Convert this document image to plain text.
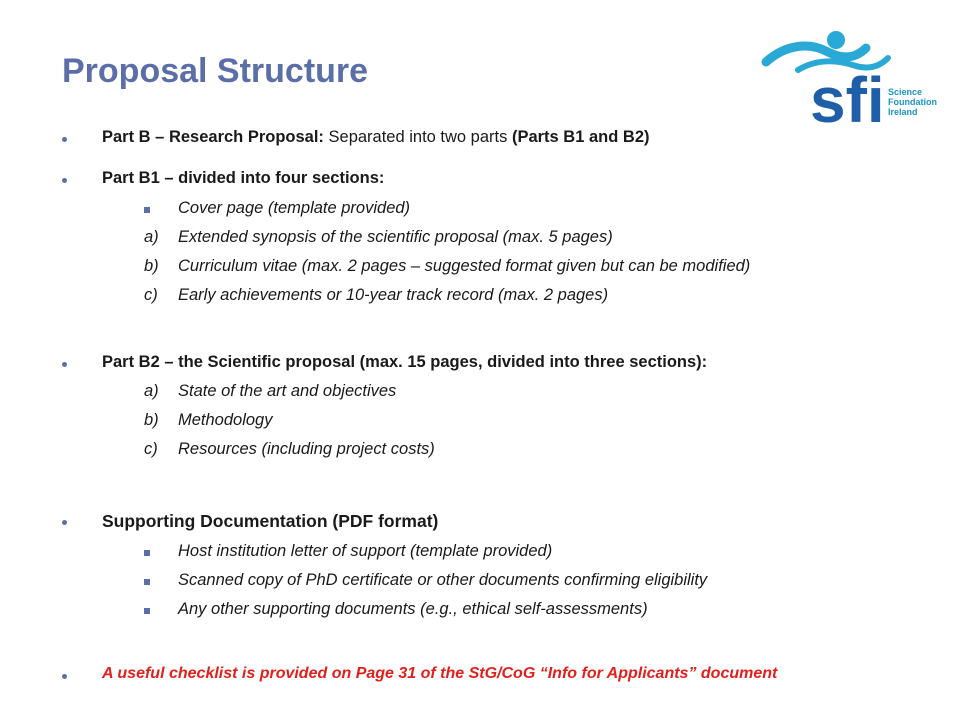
Proposal Structure	sfi Science
Foundation
Ireland
Part B – Research Proposal: Separated into two parts (Parts B1 and B2)
Part B1 – divided into four sections:
Cover page (template provided)
a) Extended synopsis of the scientific proposal (max. 5 pages)
b) Curriculum vitae (max. 2 pages – suggested format given but can be modified)
c) Early achievements or 10-year track record (max. 2 pages)
Part B2 – the Scientific proposal (max. 15 pages, divided into three sections):
a) State of the art and objectives
b) Methodology
c) Resources (including project costs)
Supporting Documentation (PDF format)
Host institution letter of support (template provided)
Scanned copy of PhD certificate or other documents confirming eligibility
Any other supporting documents (e.g., ethical self-assessments)
A useful checklist is provided on Page 31 of the StG/CoG “Info for Applicants” document
